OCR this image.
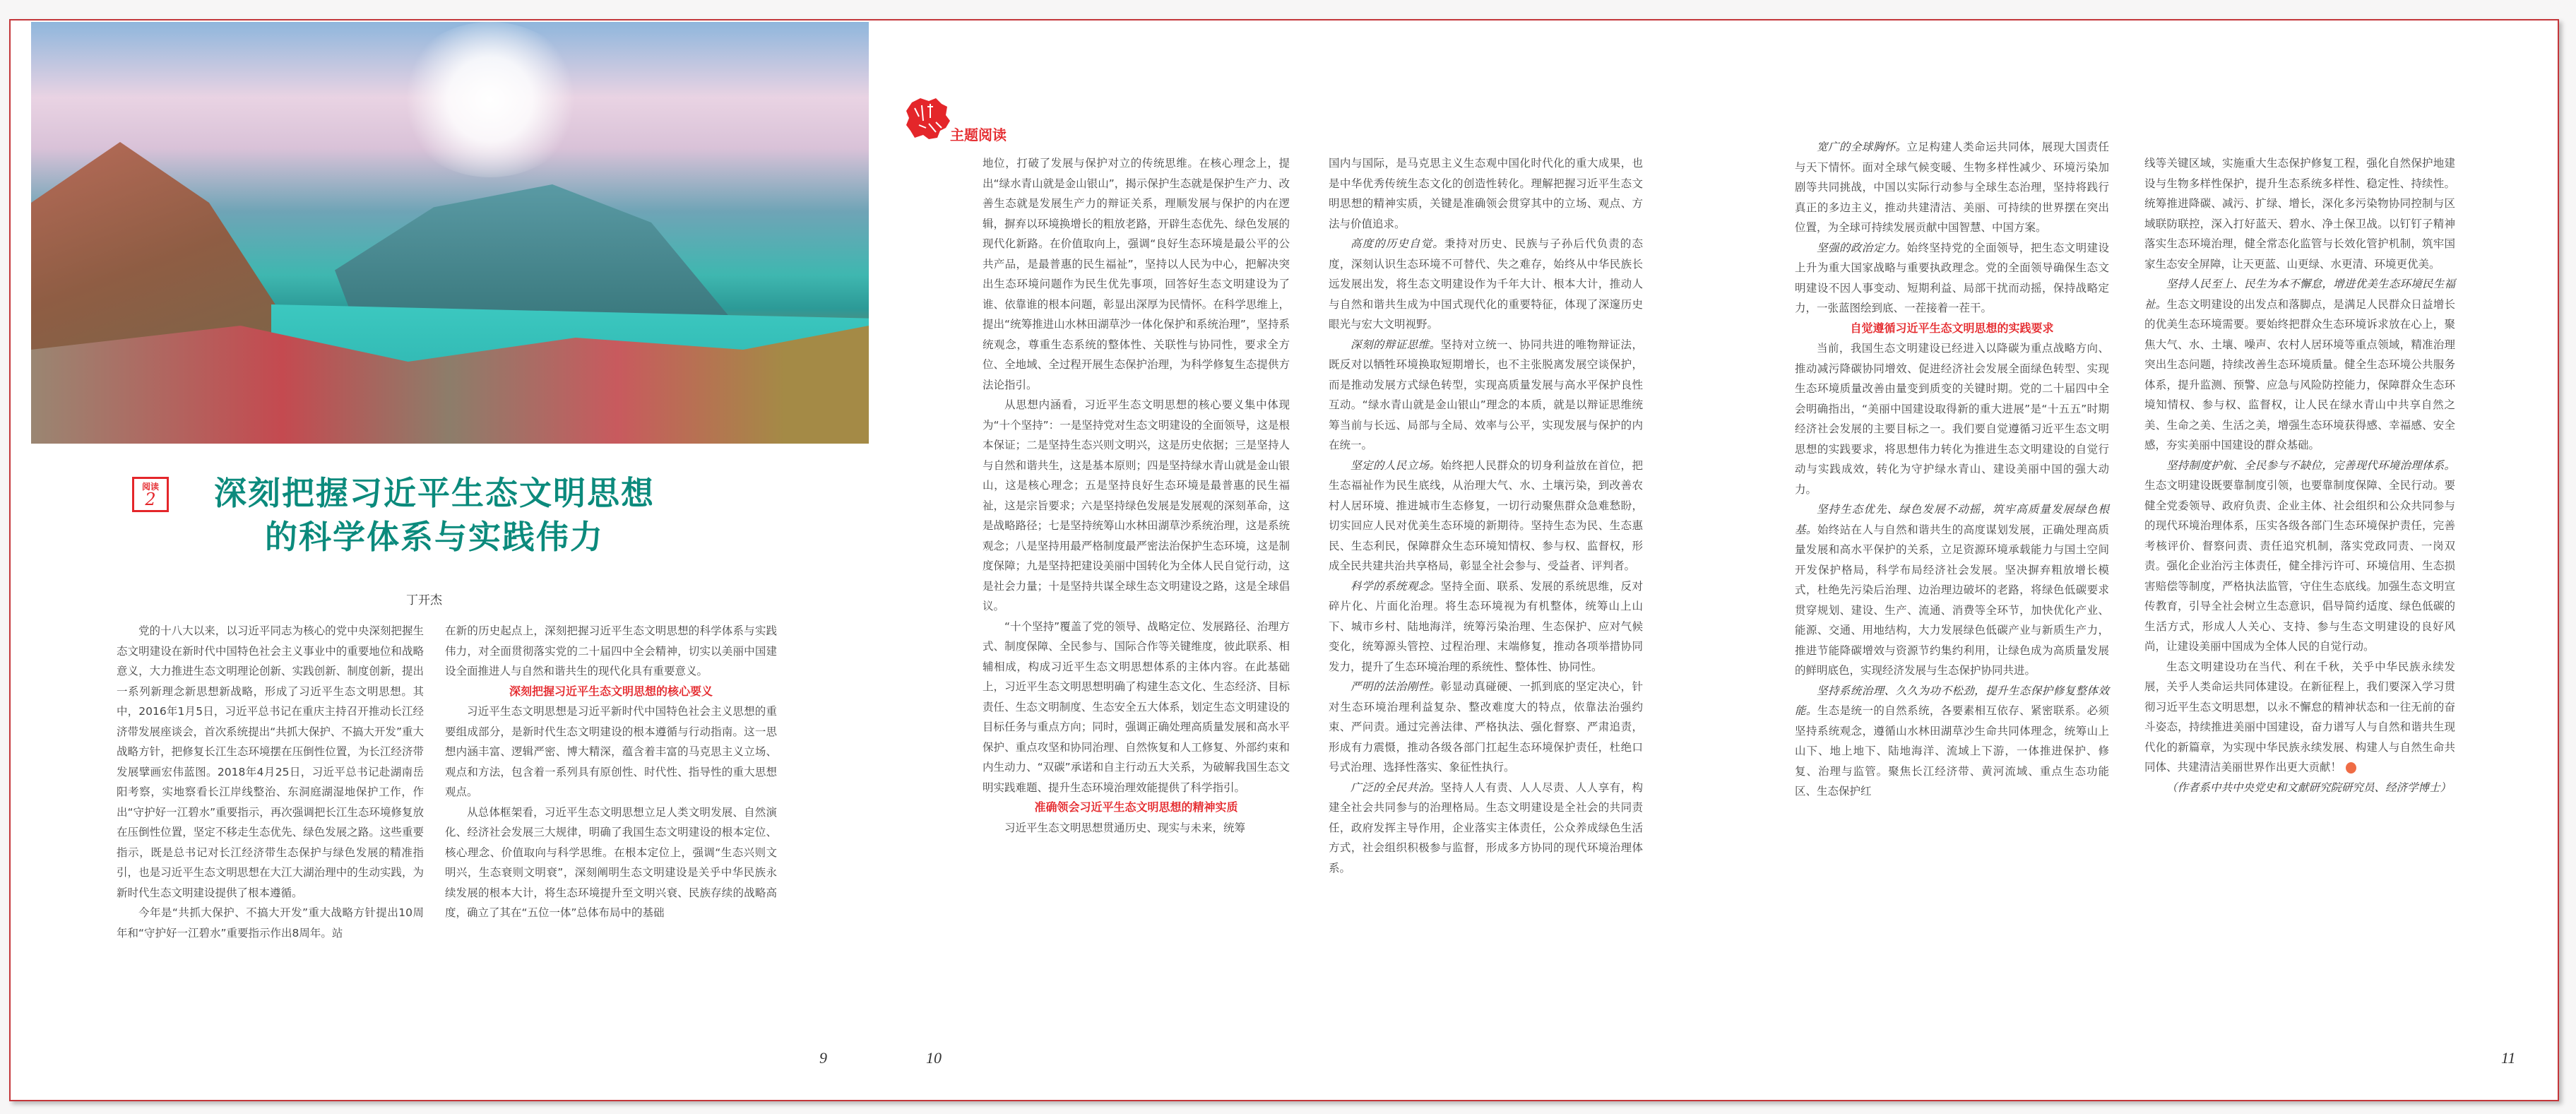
阅读
2	深刻把握习近平生态文明思想
的科学体系与实践伟力
丁开杰

党的十八大以来，以习近平同志为核心的党中央深刻把握生态文明建设在新时代中国特色社会主义事业中的重要地位和战略意义，大力推进生态文明理论创新、实践创新、制度创新，提出一系列新理念新思想新战略，形成了习近平生态文明思想。其中，2016年1月5日，习近平总书记在重庆主持召开推动长江经济带发展座谈会，首次系统提出“共抓大保护、不搞大开发”重大战略方针，把修复长江生态环境摆在压倒性位置，为长江经济带发展擘画宏伟蓝图。2018年4月25日，习近平总书记赴湖南岳阳考察，实地察看长江岸线整治、东洞庭湖湿地保护工作，作出“守护好一江碧水”重要指示，再次强调把长江生态环境修复放在压倒性位置，坚定不移走生态优先、绿色发展之路。这些重要指示，既是总书记对长江经济带生态保护与绿色发展的精准指引，也是习近平生态文明思想在大江大湖治理中的生动实践，为新时代生态文明建设提供了根本遵循。

今年是“共抓大保护、不搞大开发”重大战略方针提出10周年和“守护好一江碧水”重要指示作出8周年。站

在新的历史起点上，深刻把握习近平生态文明思想的科学体系与实践伟力，对全面贯彻落实党的二十届四中全会精神，切实以美丽中国建设全面推进人与自然和谐共生的现代化具有重要意义。

深刻把握习近平生态文明思想的核心要义

习近平生态文明思想是习近平新时代中国特色社会主义思想的重要组成部分，是新时代生态文明建设的根本遵循与行动指南。这一思想内涵丰富、逻辑严密、博大精深，蕴含着丰富的马克思主义立场、观点和方法，包含着一系列具有原创性、时代性、指导性的重大思想观点。

从总体框架看，习近平生态文明思想立足人类文明发展、自然演化、经济社会发展三大规律，明确了我国生态文明建设的根本定位、核心理念、价值取向与科学思维。在根本定位上，强调“生态兴则文明兴，生态衰则文明衰”，深刻阐明生态文明建设是关乎中华民族永续发展的根本大计，将生态环境提升至文明兴衰、民族存续的战略高度，确立了其在“五位一体”总体布局中的基础

9
主题阅读

地位，打破了发展与保护对立的传统思维。在核心理念上，提出“绿水青山就是金山银山”，揭示保护生态就是保护生产力、改善生态就是发展生产力的辩证关系，理顺发展与保护的内在逻辑，摒弃以环境换增长的粗放老路，开辟生态优先、绿色发展的现代化新路。在价值取向上，强调“良好生态环境是最公平的公共产品，是最普惠的民生福祉”，坚持以人民为中心，把解决突出生态环境问题作为民生优先事项，回答好生态文明建设为了谁、依靠谁的根本问题，彰显出深厚为民情怀。在科学思维上，提出“统筹推进山水林田湖草沙一体化保护和系统治理”，坚持系统观念，尊重生态系统的整体性、关联性与协同性，要求全方位、全地域、全过程开展生态保护治理，为科学修复生态提供方法论指引。

从思想内涵看，习近平生态文明思想的核心要义集中体现为“十个坚持”：一是坚持党对生态文明建设的全面领导，这是根本保证；二是坚持生态兴则文明兴，这是历史依据；三是坚持人与自然和谐共生，这是基本原则；四是坚持绿水青山就是金山银山，这是核心理念；五是坚持良好生态环境是最普惠的民生福祉，这是宗旨要求；六是坚持绿色发展是发展观的深刻革命，这是战略路径；七是坚持统筹山水林田湖草沙系统治理，这是系统观念；八是坚持用最严格制度最严密法治保护生态环境，这是制度保障；九是坚持把建设美丽中国转化为全体人民自觉行动，这是社会力量；十是坚持共谋全球生态文明建设之路，这是全球倡议。

“十个坚持”覆盖了党的领导、战略定位、发展路径、治理方式、制度保障、全民参与、国际合作等关键维度，彼此联系、相辅相成，构成习近平生态文明思想体系的主体内容。在此基础上，习近平生态文明思想明确了构建生态文化、生态经济、目标责任、生态文明制度、生态安全五大体系，划定生态文明建设的目标任务与重点方向；同时，强调正确处理高质量发展和高水平保护、重点攻坚和协同治理、自然恢复和人工修复、外部约束和内生动力、“双碳”承诺和自主行动五大关系，为破解我国生态文明实践难题、提升生态环境治理效能提供了科学指引。

准确领会习近平生态文明思想的精神实质

习近平生态文明思想贯通历史、现实与未来，统筹

国内与国际，是马克思主义生态观中国化时代化的重大成果，也是中华优秀传统生态文化的创造性转化。理解把握习近平生态文明思想的精神实质，关键是准确领会贯穿其中的立场、观点、方法与价值追求。

高度的历史自觉。秉持对历史、民族与子孙后代负责的态度，深刻认识生态环境不可替代、失之难存，始终从中华民族长远发展出发，将生态文明建设作为千年大计、根本大计，推动人与自然和谐共生成为中国式现代化的重要特征，体现了深邃历史眼光与宏大文明视野。

深刻的辩证思维。坚持对立统一、协同共进的唯物辩证法，既反对以牺牲环境换取短期增长，也不主张脱离发展空谈保护，而是推动发展方式绿色转型，实现高质量发展与高水平保护良性互动。“绿水青山就是金山银山”理念的本质，就是以辩证思维统筹当前与长远、局部与全局、效率与公平，实现发展与保护的内在统一。

坚定的人民立场。始终把人民群众的切身利益放在首位，把生态福祉作为民生底线，从治理大气、水、土壤污染，到改善农村人居环境、推进城市生态修复，一切行动聚焦群众急难愁盼，切实回应人民对优美生态环境的新期待。坚持生态为民、生态惠民、生态利民，保障群众生态环境知情权、参与权、监督权，形成全民共建共治共享格局，彰显全社会参与、受益者、评判者。

科学的系统观念。坚持全面、联系、发展的系统思维，反对碎片化、片面化治理。将生态环境视为有机整体，统筹山上山下、城市乡村、陆地海洋，统筹污染治理、生态保护、应对气候变化，统筹源头管控、过程治理、末端修复，推动各项举措协同发力，提升了生态环境治理的系统性、整体性、协同性。

严明的法治刚性。彰显动真碰硬、一抓到底的坚定决心，针对生态环境治理利益复杂、整改难度大的特点，依靠法治强约束、严问责。通过完善法律、严格执法、强化督察、严肃追责，形成有力震慑，推动各级各部门扛起生态环境保护责任，杜绝口号式治理、选择性落实、象征性执行。

广泛的全民共治。坚持人人有责、人人尽责、人人享有，构建全社会共同参与的治理格局。生态文明建设是全社会的共同责任，政府发挥主导作用，企业落实主体责任，公众养成绿色生活方式，社会组织积极参与监督，形成多方协同的现代环境治理体系。

10

宽广的全球胸怀。立足构建人类命运共同体，展现大国责任与天下情怀。面对全球气候变暖、生物多样性减少、环境污染加剧等共同挑战，中国以实际行动参与全球生态治理，坚持将践行真正的多边主义，推动共建清洁、美丽、可持续的世界摆在突出位置，为全球可持续发展贡献中国智慧、中国方案。

坚强的政治定力。始终坚持党的全面领导，把生态文明建设上升为重大国家战略与重要执政理念。党的全面领导确保生态文明建设不因人事变动、短期利益、局部干扰而动摇，保持战略定力，一张蓝图绘到底、一茬接着一茬干。

自觉遵循习近平生态文明思想的实践要求

当前，我国生态文明建设已经进入以降碳为重点战略方向、推动减污降碳协同增效、促进经济社会发展全面绿色转型、实现生态环境质量改善由量变到质变的关键时期。党的二十届四中全会明确指出，“美丽中国建设取得新的重大进展”是“十五五”时期经济社会发展的主要目标之一。我们要自觉遵循习近平生态文明思想的实践要求，将思想伟力转化为推进生态文明建设的自觉行动与实践成效，转化为守护绿水青山、建设美丽中国的强大动力。

坚持生态优先、绿色发展不动摇，筑牢高质量发展绿色根基。始终站在人与自然和谐共生的高度谋划发展，正确处理高质量发展和高水平保护的关系，立足资源环境承载能力与国土空间开发保护格局，科学布局经济社会发展。坚决摒弃粗放增长模式，杜绝先污染后治理、边治理边破坏的老路，将绿色低碳要求贯穿规划、建设、生产、流通、消费等全环节，加快优化产业、能源、交通、用地结构，大力发展绿色低碳产业与新质生产力，推进节能降碳增效与资源节约集约利用，让绿色成为高质量发展的鲜明底色，实现经济发展与生态保护协同共进。

坚持系统治理、久久为功不松劲，提升生态保护修复整体效能。生态是统一的自然系统，各要素相互依存、紧密联系。必须坚持系统观念，遵循山水林田湖草沙生命共同体理念，统筹山上山下、地上地下、陆地海洋、流域上下游，一体推进保护、修复、治理与监管。聚焦长江经济带、黄河流域、重点生态功能区、生态保护红

线等关键区域，实施重大生态保护修复工程，强化自然保护地建设与生物多样性保护，提升生态系统多样性、稳定性、持续性。统筹推进降碳、减污、扩绿、增长，深化多污染物协同控制与区域联防联控，深入打好蓝天、碧水、净土保卫战。以钉钉子精神落实生态环境治理，健全常态化监管与长效化管护机制，筑牢国家生态安全屏障，让天更蓝、山更绿、水更清、环境更优美。

坚持人民至上、民生为本不懈怠，增进优美生态环境民生福祉。生态文明建设的出发点和落脚点，是满足人民群众日益增长的优美生态环境需要。要始终把群众生态环境诉求放在心上，聚焦大气、水、土壤、噪声、农村人居环境等重点领域，精准治理突出生态问题，持续改善生态环境质量。健全生态环境公共服务体系，提升监测、预警、应急与风险防控能力，保障群众生态环境知情权、参与权、监督权，让人民在绿水青山中共享自然之美、生命之美、生活之美，增强生态环境获得感、幸福感、安全感，夯实美丽中国建设的群众基础。

坚持制度护航、全民参与不缺位，完善现代环境治理体系。生态文明建设既要靠制度引领，也要靠制度保障、全民行动。要健全党委领导、政府负责、企业主体、社会组织和公众共同参与的现代环境治理体系，压实各级各部门生态环境保护责任，完善考核评价、督察问责、责任追究机制，落实党政同责、一岗双责。强化企业治污主体责任，健全排污许可、环境信用、生态损害赔偿等制度，严格执法监管，守住生态底线。加强生态文明宣传教育，引导全社会树立生态意识，倡导简约适度、绿色低碳的生活方式，形成人人关心、支持、参与生态文明建设的良好风尚，让建设美丽中国成为全体人民的自觉行动。

生态文明建设功在当代、利在千秋，关乎中华民族永续发展，关乎人类命运共同体建设。在新征程上，我们要深入学习贯彻习近平生态文明思想，以永不懈怠的精神状态和一往无前的奋斗姿态，持续推进美丽中国建设，奋力谱写人与自然和谐共生现代化的新篇章，为实现中华民族永续发展、构建人与自然生命共同体、共建清洁美丽世界作出更大贡献！

（作者系中共中央党史和文献研究院研究员、经济学博士）

11
